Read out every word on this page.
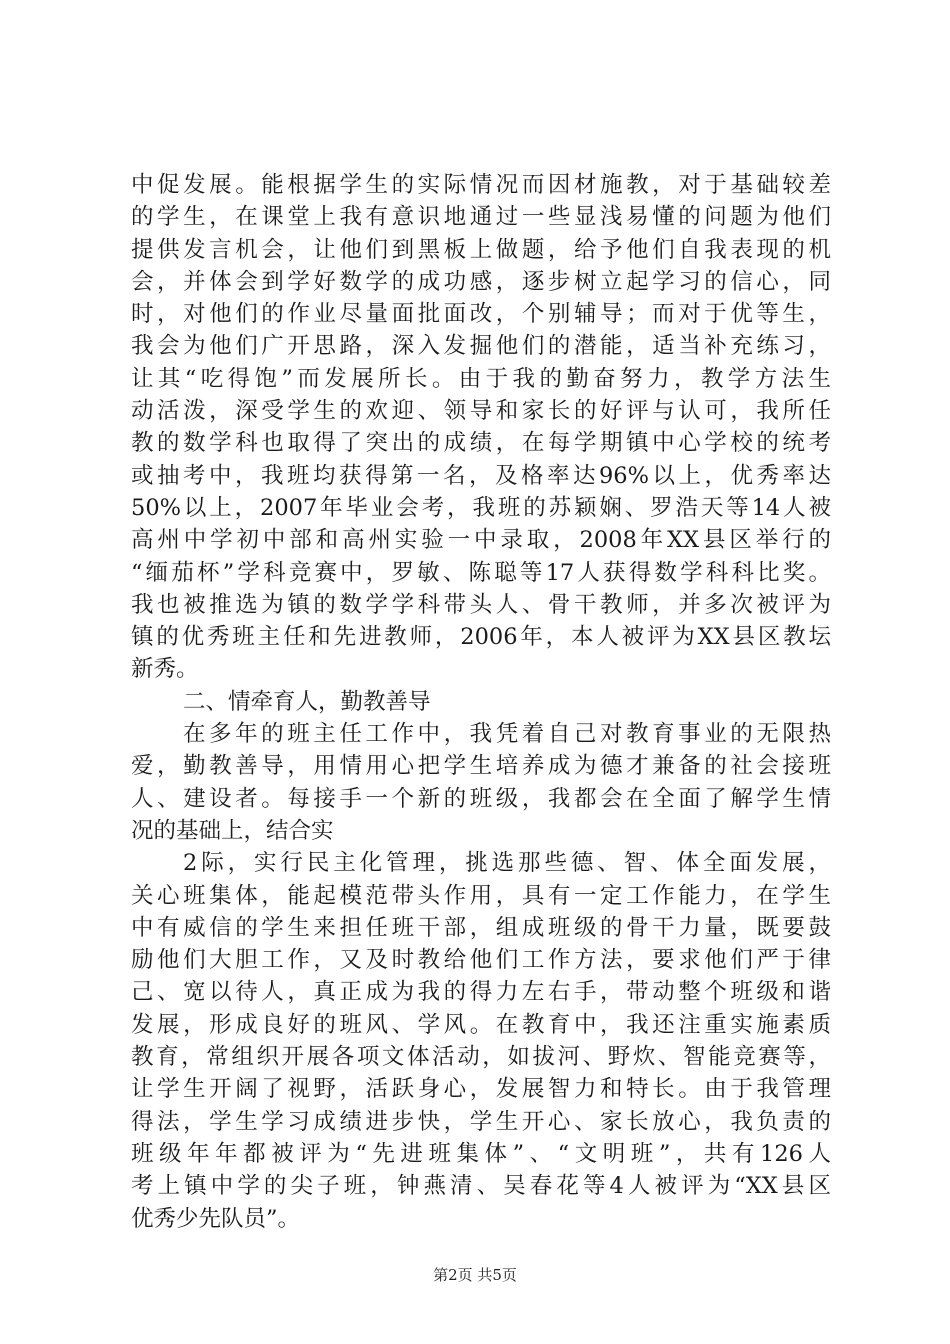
中促发展。能根据学生的实际情况而因材施教，对于基础较差
的学生，在课堂上我有意识地通过一些显浅易懂的问题为他们
提供发言机会，让他们到黑板上做题，给予他们自我表现的机
会，并体会到学好数学的成功感，逐步树立起学习的信心，同
时，对他们的作业尽量面批面改，个别辅导；而对于优等生，
我会为他们广开思路，深入发掘他们的潜能，适当补充练习，
让其“吃得饱”而发展所长。由于我的勤奋努力，教学方法生
动活泼，深受学生的欢迎、领导和家长的好评与认可，我所任
教的数学科也取得了突出的成绩，在每学期镇中心学校的统考
或抽考中，我班均获得第一名，及格率达96%以上，优秀率达
50%以上，2007年毕业会考，我班的苏颖娴、罗浩天等14人被
高州中学初中部和高州实验一中录取，2008年XX县区举行的
“缅茄杯”学科竞赛中，罗敏、陈聪等17人获得数学科科比奖。
我也被推选为镇的数学学科带头人、骨干教师，并多次被评为
镇的优秀班主任和先进教师，2006年，本人被评为XX县区教坛
新秀。
二、情牵育人，勤教善导
在多年的班主任工作中，我凭着自己对教育事业的无限热
爱，勤教善导，用情用心把学生培养成为德才兼备的社会接班
人、建设者。每接手一个新的班级，我都会在全面了解学生情
况的基础上，结合实
2际，实行民主化管理，挑选那些德、智、体全面发展，
关心班集体，能起模范带头作用，具有一定工作能力，在学生
中有威信的学生来担任班干部，组成班级的骨干力量，既要鼓
励他们大胆工作，又及时教给他们工作方法，要求他们严于律
己、宽以待人，真正成为我的得力左右手，带动整个班级和谐
发展，形成良好的班风、学风。在教育中，我还注重实施素质
教育，常组织开展各项文体活动，如拔河、野炊、智能竞赛等，
让学生开阔了视野，活跃身心，发展智力和特长。由于我管理
得法，学生学习成绩进步快，学生开心、家长放心，我负责的
班级年年都被评为“先进班集体”、“文明班”，共有126人
考上镇中学的尖子班，钟燕清、吴春花等4人被评为“XX县区
优秀少先队员”。
第2页 共5页
